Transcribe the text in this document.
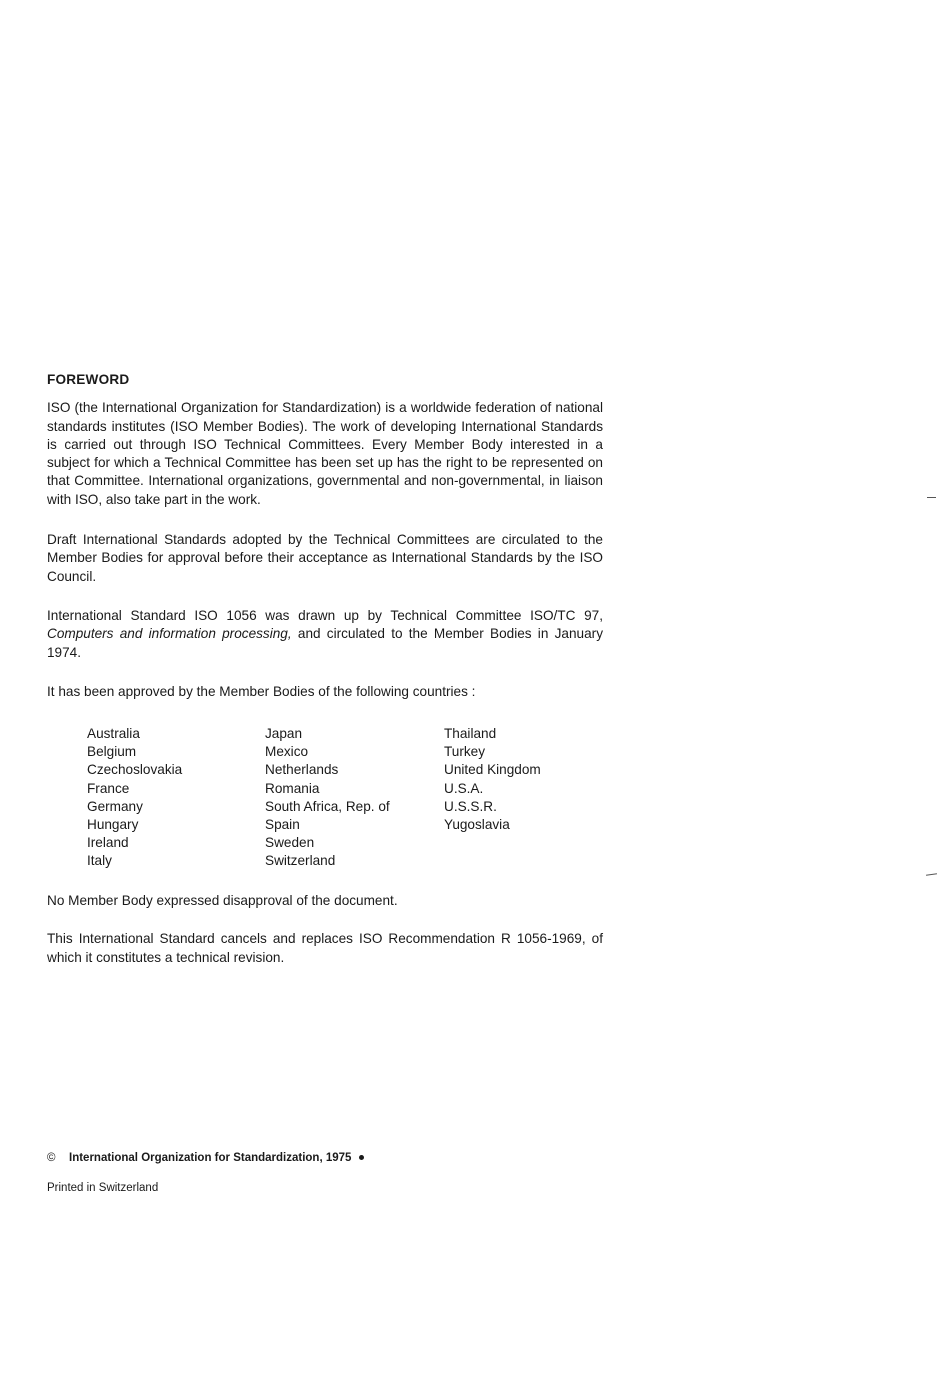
FOREWORD

ISO (the International Organization for Standardization) is a worldwide federation of national standards institutes (ISO Member Bodies). The work of developing International Standards is carried out through ISO Technical Committees. Every Member Body interested in a subject for which a Technical Committee has been set up has the right to be represented on that Committee. International organizations, governmental and non-governmental, in liaison with ISO, also take part in the work.

Draft International Standards adopted by the Technical Committees are circulated to the Member Bodies for approval before their acceptance as International Standards by the ISO Council.

International Standard ISO 1056 was drawn up by Technical Committee ISO/TC 97, Computers and information processing, and circulated to the Member Bodies in January 1974.

It has been approved by the Member Bodies of the following countries :

Australia
Belgium
Czechoslovakia
France
Germany
Hungary
Ireland
Italy
Japan
Mexico
Netherlands
Romania
South Africa, Rep. of
Spain
Sweden
Switzerland
Thailand
Turkey
United Kingdom
U.S.A.
U.S.S.R.
Yugoslavia

No Member Body expressed disapproval of the document.

This International Standard cancels and replaces ISO Recommendation R 1056-1969, of which it constitutes a technical revision.

© International Organization for Standardization, 1975
Printed in Switzerland
